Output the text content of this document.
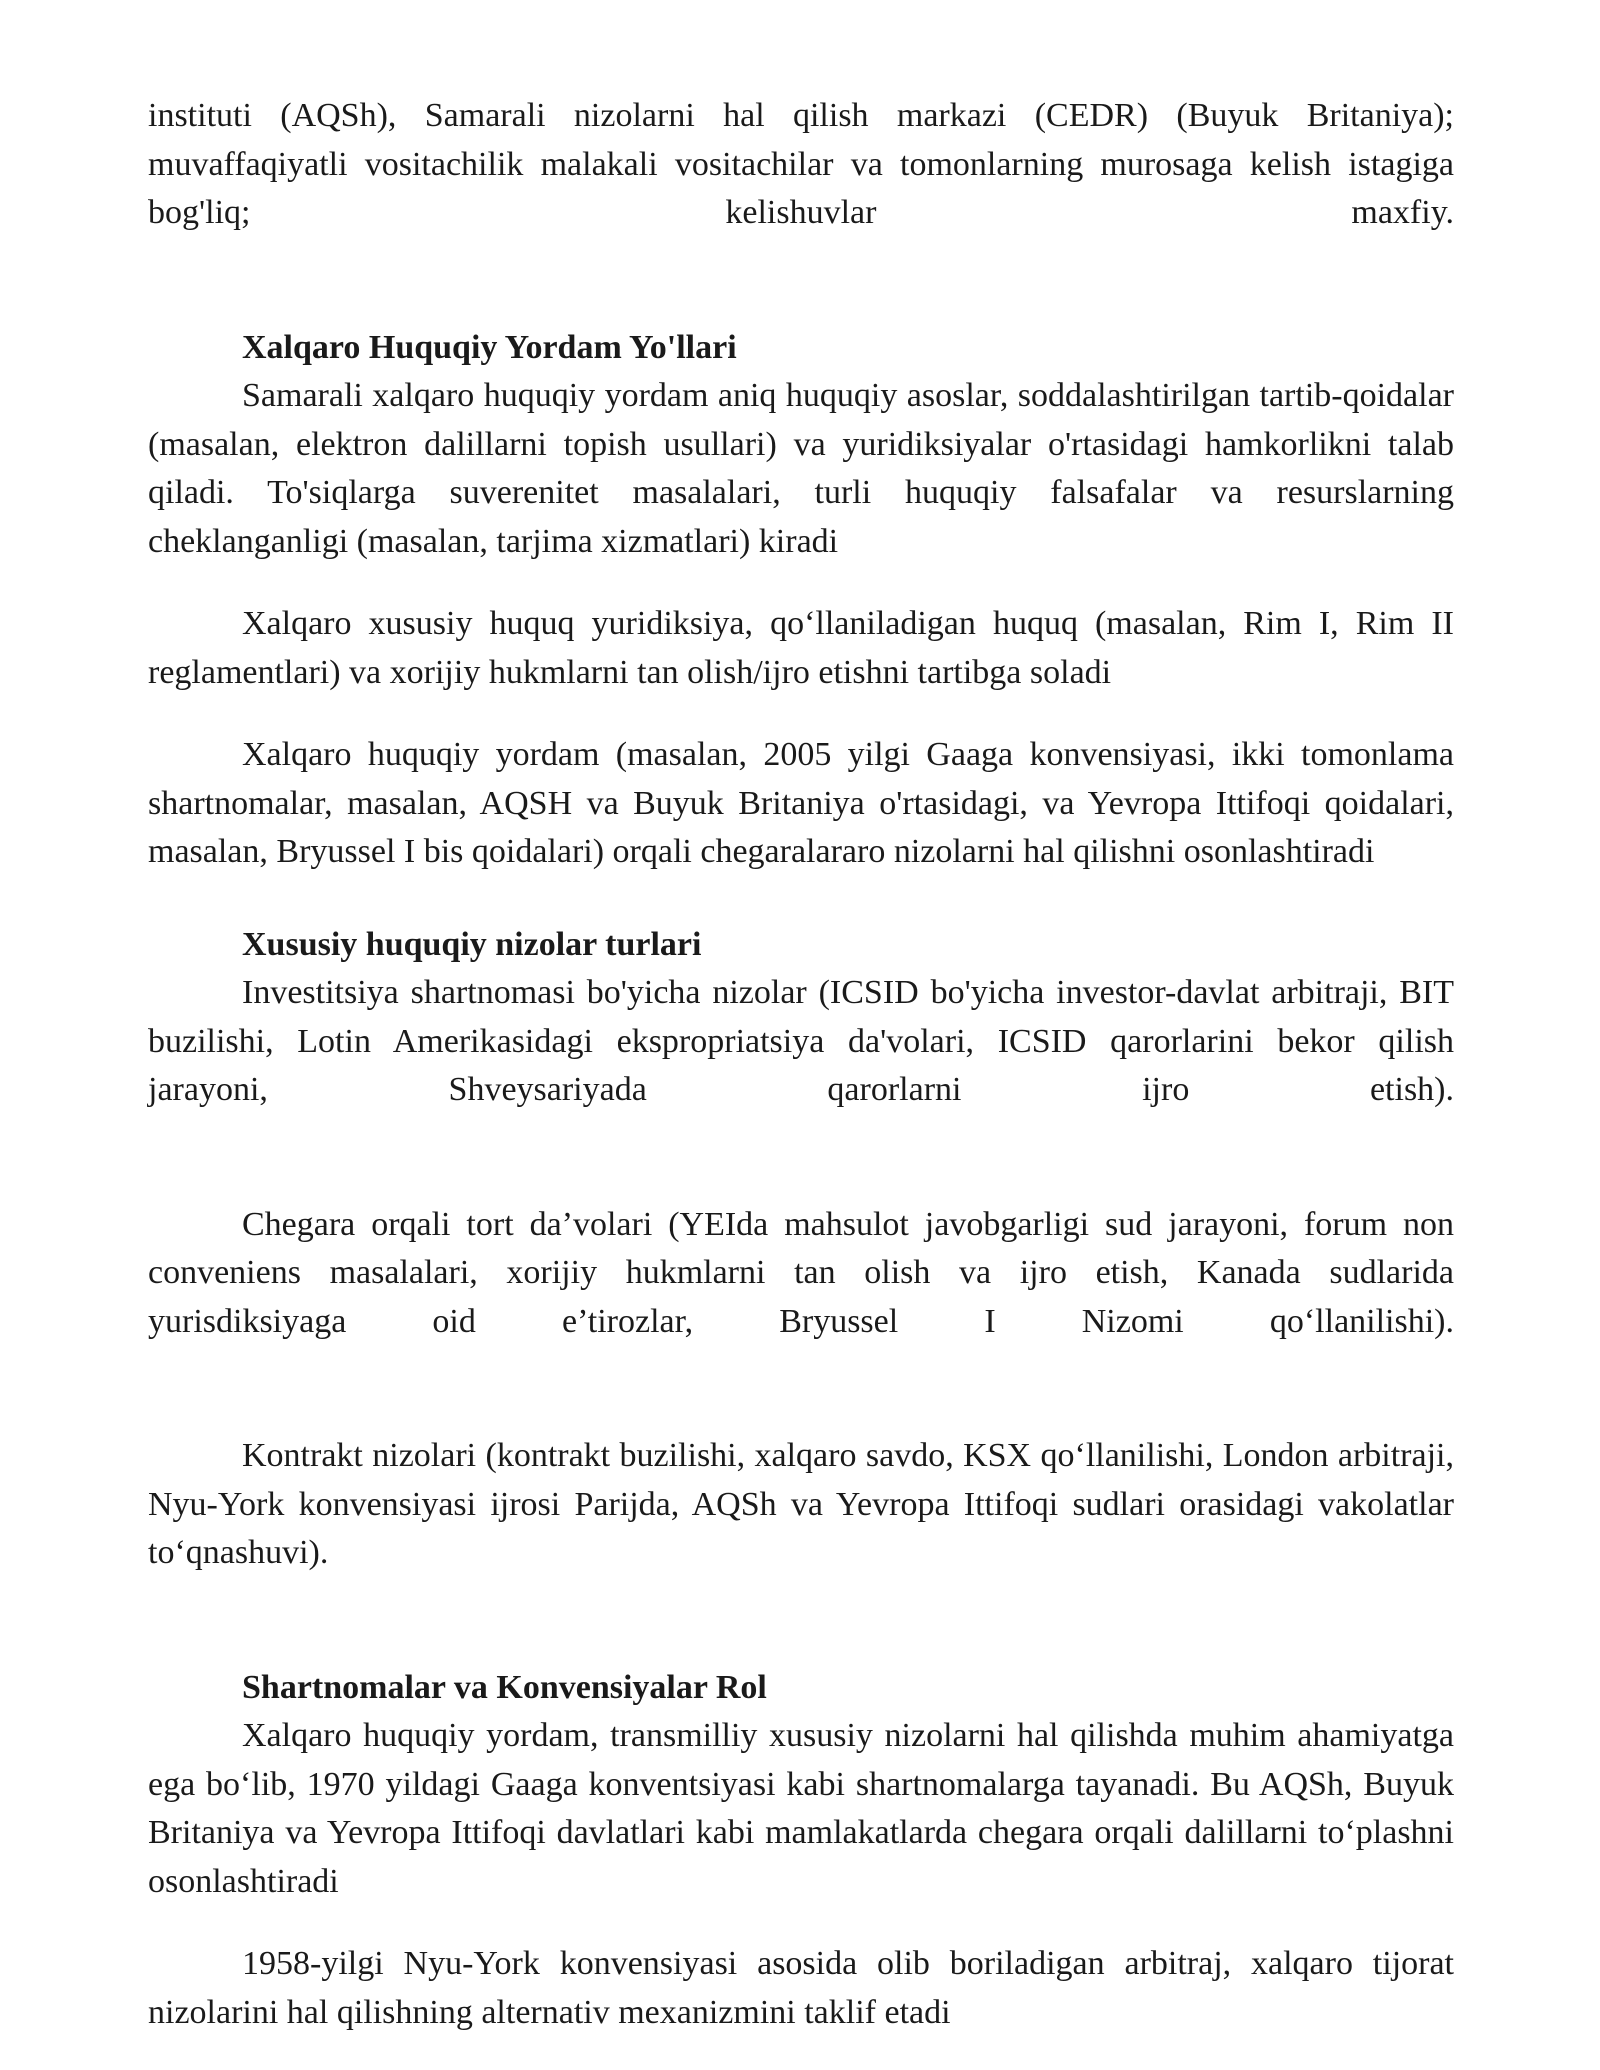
instituti (AQSh), Samarali nizolarni hal qilish markazi (CEDR) (Buyuk Britaniya); muvaffaqiyatli vositachilik malakali vositachilar va tomonlarning murosaga kelish istagiga bog'liq; kelishuvlar maxfiy.

Xalqaro Huquqiy Yordam Yo'llari

Samarali xalqaro huquqiy yordam aniq huquqiy asoslar, soddalashtirilgan tartib-qoidalar (masalan, elektron dalillarni topish usullari) va yuridiksiyalar o'rtasidagi hamkorlikni talab qiladi. To'siqlarga suverenitet masalalari, turli huquqiy falsafalar va resurslarning cheklanganligi (masalan, tarjima xizmatlari) kiradi

Xalqaro xususiy huquq yuridiksiya, qo‘llaniladigan huquq (masalan, Rim I, Rim II reglamentlari) va xorijiy hukmlarni tan olish/ijro etishni tartibga soladi

Xalqaro huquqiy yordam (masalan, 2005 yilgi Gaaga konvensiyasi, ikki tomonlama shartnomalar, masalan, AQSH va Buyuk Britaniya o'rtasidagi, va Yevropa Ittifoqi qoidalari, masalan, Bryussel I bis qoidalari) orqali chegaralararo nizolarni hal qilishni osonlashtiradi

Xususiy huquqiy nizolar turlari

Investitsiya shartnomasi bo'yicha nizolar (ICSID bo'yicha investor-davlat arbitraji, BIT buzilishi, Lotin Amerikasidagi ekspropriatsiya da'volari, ICSID qarorlarini bekor qilish jarayoni, Shveysariyada qarorlarni ijro etish).

Chegara orqali tort da’volari (YEIda mahsulot javobgarligi sud jarayoni, forum non conveniens masalalari, xorijiy hukmlarni tan olish va ijro etish, Kanada sudlarida yurisdiksiyaga oid e’tirozlar, Bryussel I Nizomi qo‘llanilishi).

Kontrakt nizolari (kontrakt buzilishi, xalqaro savdo, KSX qo‘llanilishi, London arbitraji, Nyu-York konvensiyasi ijrosi Parijda, AQSh va Yevropa Ittifoqi sudlari orasidagi vakolatlar to‘qnashuvi).

Shartnomalar va Konvensiyalar Rol

Xalqaro huquqiy yordam, transmilliy xususiy nizolarni hal qilishda muhim ahamiyatga ega bo‘lib, 1970 yildagi Gaaga konventsiyasi kabi shartnomalarga tayanadi. Bu AQSh, Buyuk Britaniya va Yevropa Ittifoqi davlatlari kabi mamlakatlarda chegara orqali dalillarni to‘plashni osonlashtiradi

1958-yilgi Nyu-York konvensiyasi asosida olib boriladigan arbitraj, xalqaro tijorat nizolarini hal qilishning alternativ mexanizmini taklif etadi
